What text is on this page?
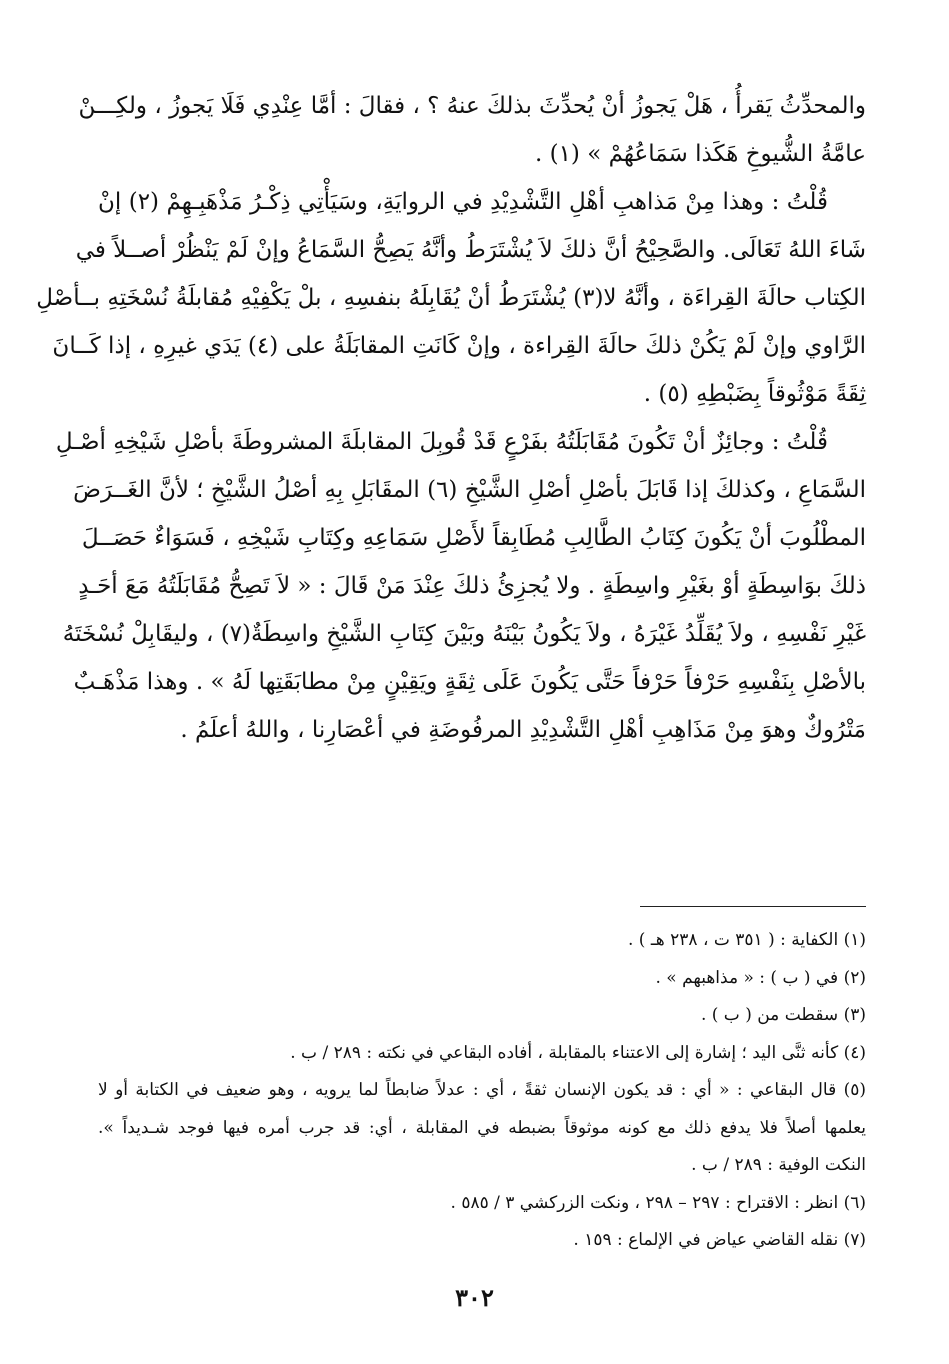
والمحدِّثُ يَقرأُ ، هَلْ يَجوزُ أنْ يُحدِّثَ بذلكَ عنهُ ؟ ، فقالَ : أمَّا عِنْدِي فَلَا يَجوزُ ، ولكِـــنْ
عامَّةُ الشُّيوخِ هَكَذا سَمَاعُهُمْ » (١) .
قُلْتُ : وهذا مِنْ مَذاهبِ أهْلِ التَّشْدِيْدِ في الروايَةِ، وسَيَأْتِي ذِكْـرُ مَذْهَبِـهِمْ (٢) إنْ
شَاءَ اللهُ تَعَالَى. والصَّحِيْحُ أنَّ ذلكَ لاَ يُشْتَرَطُ وأنَّهُ يَصِحُّ السَّمَاعُ وإنْ لَمْ يَنْظُرْ أصــلاً في
الكِتاب حالَةَ القِراءَة ، وأنَّهُ لا(٣) يُشْتَرَطُ أنْ يُقَابِلَهُ بنفسِهِ ، بلْ يَكْفِيْهِ مُقابلَةُ نُسْخَتِهِ بــأصْلِ
الرَّاوي وإنْ لَمْ يَكُنْ ذلكَ حالَةَ القِراءة ، وإنْ كَانَتِ المقابَلَةُ على (٤) يَدَي غيرِهِ ، إذا كَــانَ
ثِقَةً مَوْثُوقاً بِضَبْطِهِ (٥) .
قُلْتُ : وجائِزٌ أنْ تَكُونَ مُقَابَلَتُهُ بفَرْعٍ قَدْ قُوبِلَ المقابلَةَ المشروطَةَ بأصْلِ شَيْخِهِ أصْـلِ
السَّمَاعِ ، وكذلكَ إذا قَابَلَ بأصْلِ أصْلِ الشَّيْخِ (٦) المقَابَلِ بِهِ أصْلُ الشَّيْخِ ؛ لأنَّ الغَــرَضَ
المطْلُوبَ أنْ يَكُونَ كِتَابُ الطَّالِبِ مُطَابِقاً لأَصْلِ سَمَاعِهِ وكِتَابِ شَيْخِهِ ، فَسَوَاءٌ حَصَــلَ
ذلكَ بوَاسِطَةٍ أوْ بغَيْرِ واسِطَةٍ . ولا يُجزِئُ ذلكَ عِنْدَ مَنْ قَالَ : « لاَ تَصِحُّ مُقَابَلَتُهُ مَعَ أحَـدٍ
غَيْرِ نَفْسِهِ ، ولاَ يُقَلِّدُ غَيْرَهُ ، ولاَ يَكُونُ بَيْنَهُ وبَيْنَ كِتَابِ الشَّيْخِ واسِطَةٌ(٧) ، وليقَابِلْ نُسْخَتَهُ
بالأصْلِ بِنَفْسِهِ حَرْفاً حَرْفاً حَتَّى يَكُونَ عَلَى ثِقَةٍ ويَقِيْنٍ مِنْ مطابَقَتِها لَهُ » . وهذا مَذْهَـبٌ
مَتْرُوكٌ وهوَ مِنْ مَذَاهِبِ أهْلِ التَّشْدِيْدِ المرفُوضَةِ في أعْصَارِنا ، واللهُ أعلَمُ .
(١) الكفاية : ( ٣٥١ ت ، ٢٣٨ هـ ) .
(٢) في ( ب ) : « مذاهبهم » .
(٣) سقطت من ( ب ) .
(٤) كأنه ثنَّى اليد ؛ إشارة إلى الاعتناء بالمقابلة ، أفاده البقاعي في نكته : ٢٨٩ / ب .
(٥) قال البقاعي : « أي : قد يكون الإنسان ثقةً ، أي : عدلاً ضابطاً لما يرويه ، وهو ضعيف في الكتابة أو لا
يعلمها أصلاً فلا يدفع ذلك مع كونه موثوقاً بضبطه في المقابلة ، أي: قد جرب أمره فيها فوجد شـديداً ».
النكت الوفية : ٢٨٩ / ب .
(٦) انظر : الاقتراح : ٢٩٧ – ٢٩٨ ، ونكت الزركشي ٣ / ٥٨٥ .
(٧) نقله القاضي عياض في الإلماع : ١٥٩ .
٣٠٢
